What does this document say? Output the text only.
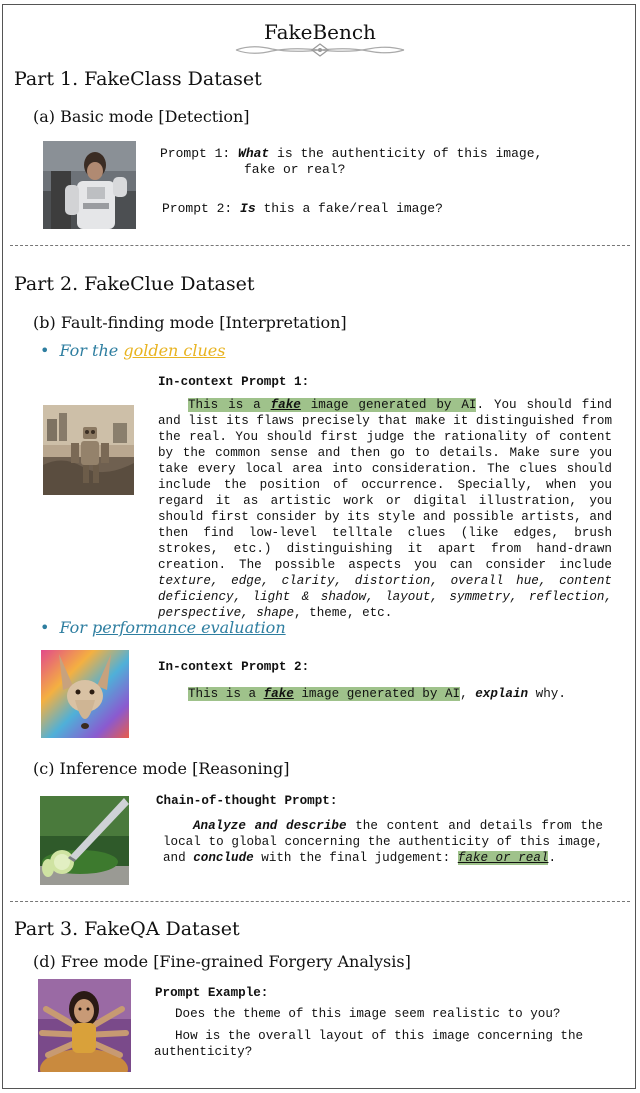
FakeBench
Part 1. FakeClass Dataset
(a) Basic mode [Detection]
Prompt 1: What is the authenticity of this image,
fake or real?
Prompt 2: Is this a fake/real image?
Part 2. FakeClue Dataset
(b) Fault-finding mode [Interpretation]
• For the golden clues
In-context Prompt 1:
This is a fake image generated by AI. You should find and list its flaws precisely that make it distinguished from the real. You should first judge the rationality of content by the common sense and then go to details. Make sure you take every local area into consideration. The clues should include the position of occurrence. Specially, when you regard it as artistic work or digital illustration, you should first consider by its style and possible artists, and then find low-level telltale clues (like edges, brush strokes, etc.) distinguishing it apart from hand-drawn creation. The possible aspects you can consider include texture, edge, clarity, distortion, overall hue, content deficiency, light & shadow, layout, symmetry, reflection, perspective, shape, theme, etc.
• For performance evaluation
In-context Prompt 2:
This is a fake image generated by AI, explain why.
(c) Inference mode [Reasoning]
Chain-of-thought Prompt:
Analyze and describe the content and details from the local to global concerning the authenticity of this image, and conclude with the final judgement: fake or real.
Part 3. FakeQA Dataset
(d) Free mode [Fine-grained Forgery Analysis]
Prompt Example:
Does the theme of this image seem realistic to you?
How is the overall layout of this image concerning the authenticity?
